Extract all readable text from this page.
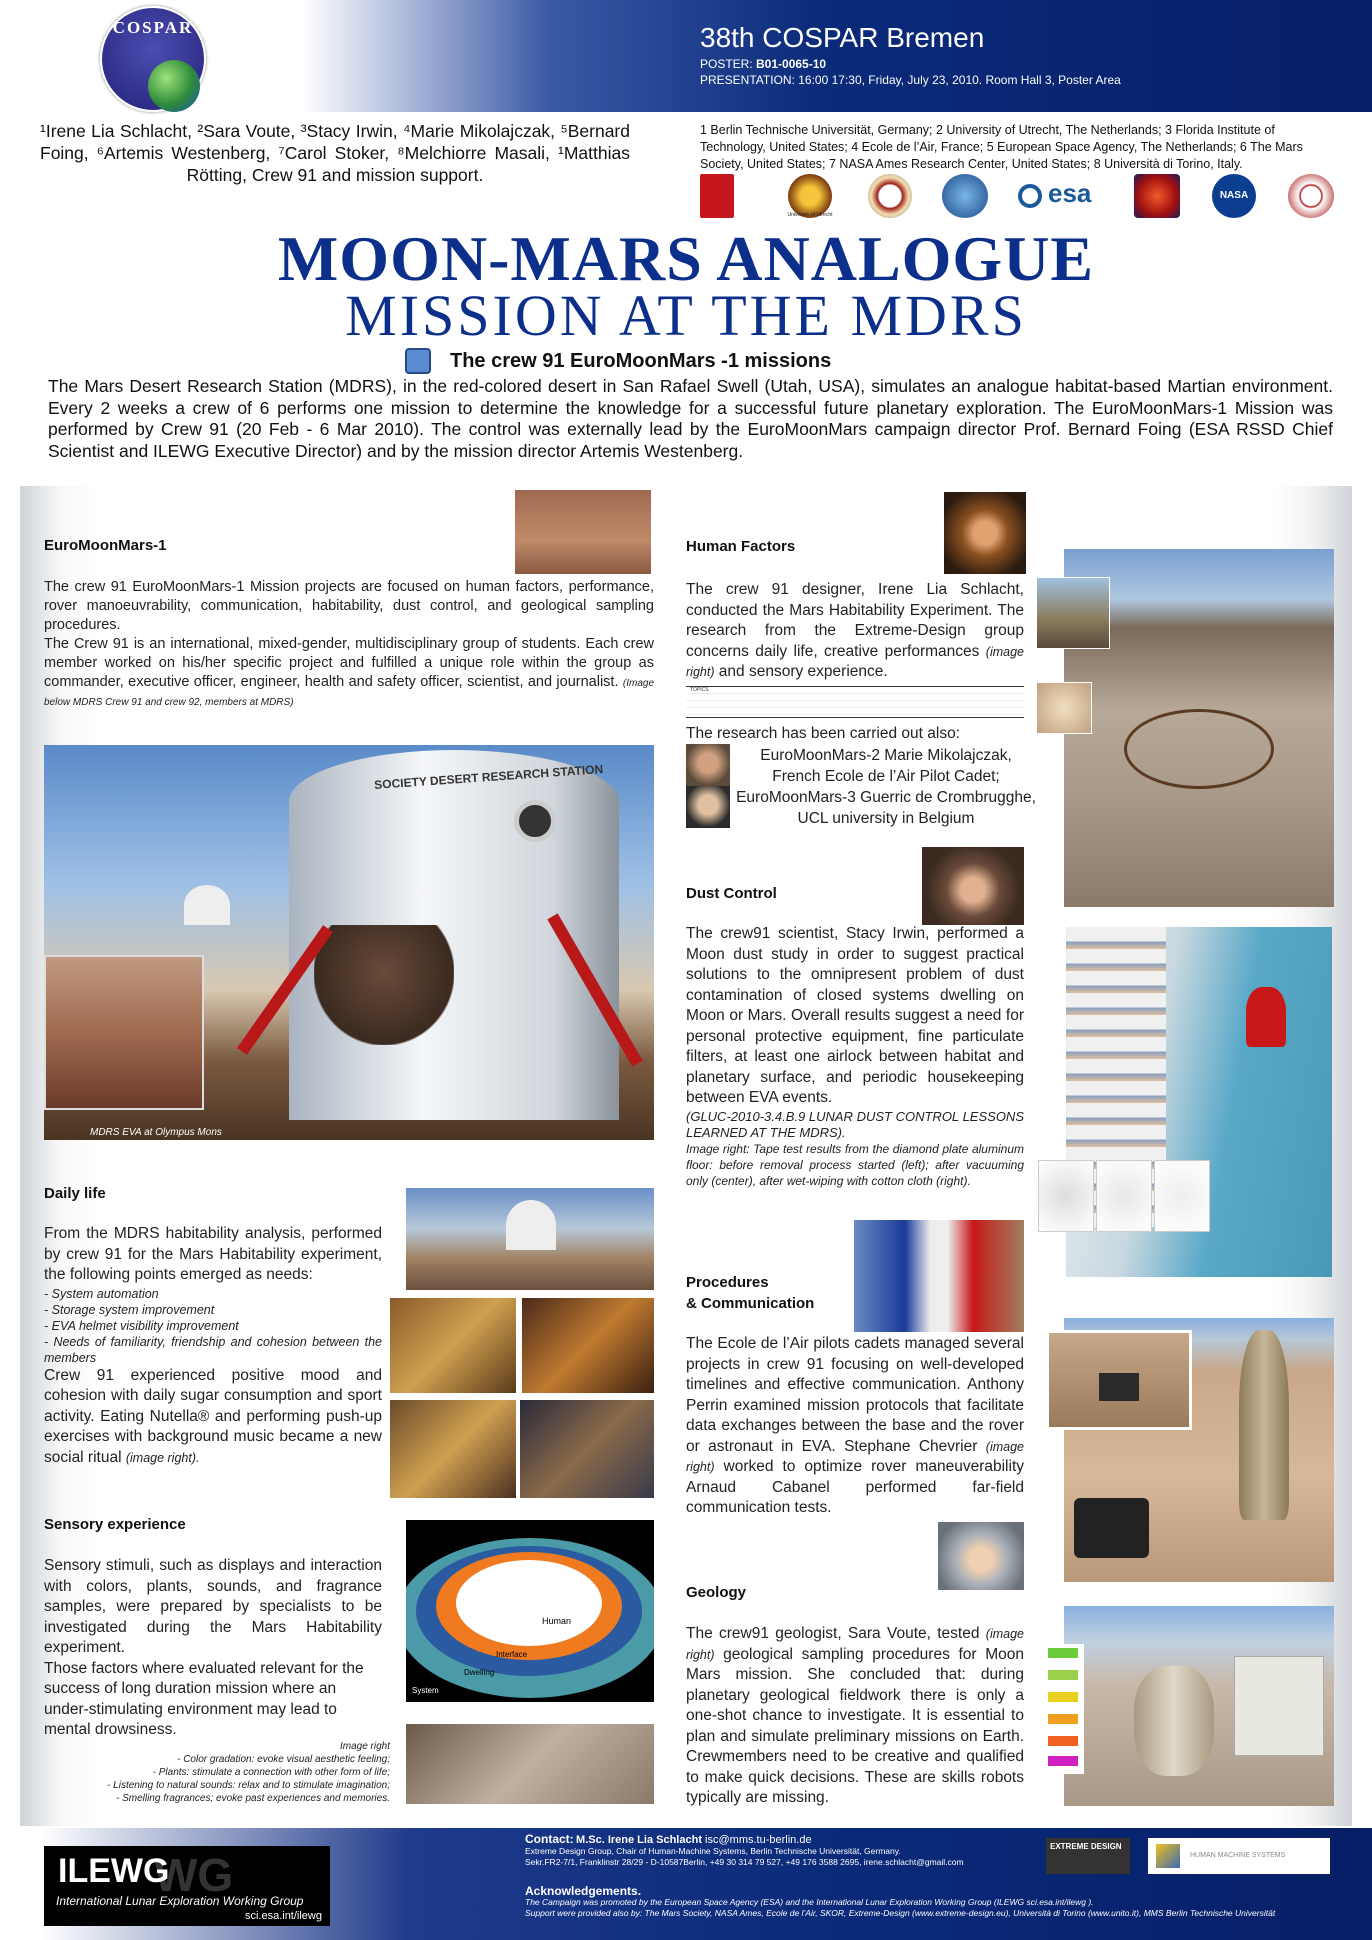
COSPAR	38th COSPAR Bremen
POSTER: B01-0065-10
PRESENTATION: 16:00 17:30, Friday, July 23, 2010. Room Hall 3, Poster Area
¹Irene Lia Schlacht, ²Sara Voute, ³Stacy Irwin, ⁴Marie Mikolajczak, ⁵Bernard Foing, ⁶Artemis Westenberg, ⁷Carol Stoker, ⁸Melchiorre Masali, ¹Matthias Rötting, Crew 91 and mission support.
1 Berlin Technische Universität, Germany; 2 University of Utrecht, The Netherlands; 3 Florida Institute of Technology, United States; 4 Ecole de l’Air, France; 5 European Space Agency, The Netherlands; 6 The Mars Society, United States; 7 NASA Ames Research Center, United States; 8 Università di Torino, Italy.
University of Utrecht
esa	NASA
MOON-MARS ANALOGUE
MISSION AT THE MDRS
The crew 91 EuroMoonMars -1 missions
The Mars Desert Research Station (MDRS), in the red-colored desert in San Rafael Swell (Utah, USA), simulates an analogue habitat-based Martian environment. Every 2 weeks a crew of 6 performs one mission to determine the knowledge for a successful future planetary exploration. The EuroMoonMars-1 Mission was performed by Crew 91 (20 Feb - 6 Mar 2010). The control was externally lead by the EuroMoonMars campaign director Prof. Bernard Foing (ESA RSSD Chief Scientist and ILEWG Executive Director) and by the mission director Artemis Westenberg.
EuroMoonMars-1
The crew 91 EuroMoonMars-1 Mission projects are focused on human factors, performance, rover manoeuvrability, communication, habitability, dust control, and geological sampling procedures.
The Crew 91 is an international, mixed-gender, multidisciplinary group of students. Each crew member worked on his/her specific project and fulfilled a unique role within the group as commander, executive officer, engineer, health and safety officer, scientist, and journalist. (Image below MDRS Crew 91 and crew 92, members at MDRS)
SOCIETY DESERT RESEARCH STATION
MDRS EVA at Olympus Mons
Daily life
From the MDRS habitability analysis, performed by crew 91 for the Mars Habitability experiment, the following points emerged as needs:
- System automation
- Storage system improvement
- EVA helmet visibility improvement
- Needs of familiarity, friendship and cohesion between the members
Crew 91 experienced positive mood and cohesion with daily sugar consumption and sport activity. Eating Nutella® and performing push-up exercises with background music became a new social ritual (image right).
Sensory experience
Sensory stimuli, such as displays and interaction with colors, plants, sounds, and fragrance samples, were prepared by specialists to be investigated during the Mars Habitability experiment.
Those factors where evaluated relevant for the success of long duration mission where an under-stimulating environment may lead to mental drowsiness.
Image right
- Color gradation: evoke visual aesthetic feeling;
- Plants: stimulate a connection with other form of life;
- Listening to natural sounds: relax and to stimulate imagination;
- Smelling fragrances; evoke past experiences and memories.
Human
Interface
Dwelling
System
Human Factors
The crew 91 designer, Irene Lia Schlacht, conducted the Mars Habitability Experiment. The research from the Extreme-Design group concerns daily life, creative performances (image right) and sensory experience.
TOPICS
The research has been carried out also:
EuroMoonMars-2 Marie Mikolajczak, French Ecole de l’Air Pilot Cadet;
EuroMoonMars-3 Guerric de Crombrugghe, UCL university in Belgium
Dust Control
The crew91 scientist, Stacy Irwin, performed a Moon dust study in order to suggest practical solutions to the omnipresent problem of dust contamination of closed systems dwelling on Moon or Mars. Overall results suggest a need for personal protective equipment, fine particulate filters, at least one airlock between habitat and planetary surface, and periodic housekeeping between EVA events.
(GLUC-2010-3.4.B.9 LUNAR DUST CONTROL LESSONS LEARNED AT THE MDRS).
Image right: Tape test results from the diamond plate aluminum floor: before removal process started (left); after vacuuming only (center), after wet-wiping with cotton cloth (right).
Procedures
& Communication
The Ecole de l’Air pilots cadets managed several projects in crew 91 focusing on well-developed timelines and effective communication. Anthony Perrin examined mission protocols that facilitate data exchanges between the base and the rover or astronaut in EVA. Stephane Chevrier (image right) worked to optimize rover maneuverability Arnaud Cabanel performed far-field communication tests.
Geology
The crew91 geologist, Sara Voute, tested (image right) geological sampling procedures for Moon Mars mission. She concluded that: during planetary geological fieldwork there is only a one-shot chance to investigate. It is essential to plan and simulate preliminary missions on Earth. Crewmembers need to be creative and qualified to make quick decisions. These are skills robots typically are missing.
WG
ILEWG
International Lunar Exploration Working Group
sci.esa.int/ilewg
Contact: M.Sc. Irene Lia Schlacht isc@mms.tu-berlin.de
Extreme Design Group, Chair of Human-Machine Systems, Berlin Technische Universität, Germany.
Sekr.FR2-7/1, Franklinstr 28/29 - D-10587Berlin, +49 30 314 79 527, +49 176 3588 2695, irene.schlacht@gmail.com
Acknowledgements.
The Campaign was promoted by the European Space Agency (ESA) and the International Lunar Exploration Working Group (ILEWG sci.esa.int/ilewg ).
Support were provided also by: The Mars Society, NASA Ames, Ecole de l’Air, SKOR, Extreme-Design (www.extreme-design.eu), Università di Torino (www.unito.it), MMS Berlin Technische Universität
EXTREME DESIGN
HUMAN MACHINE SYSTEMS
